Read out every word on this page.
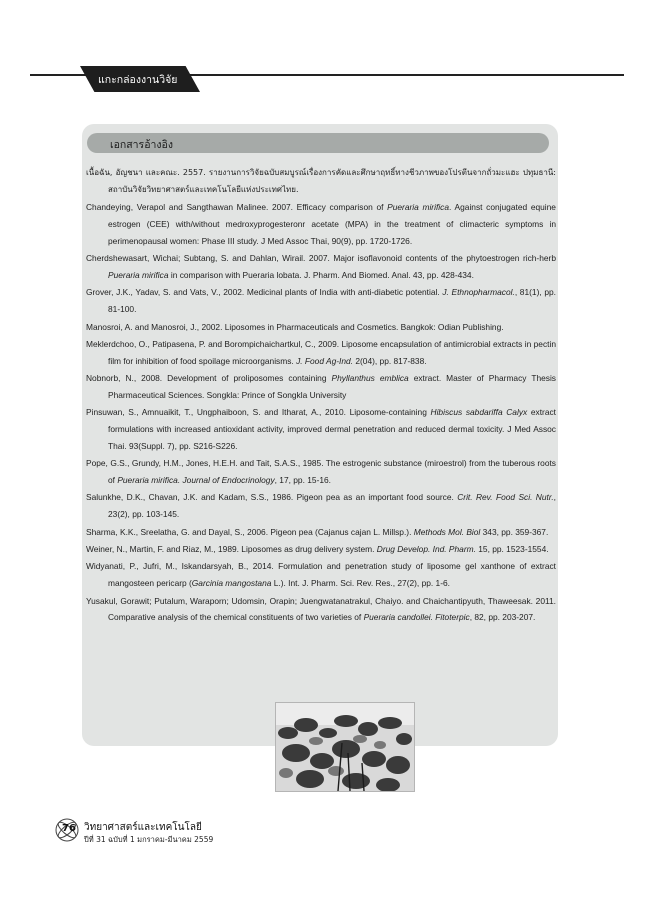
แกะกล่องงานวิจัย
เอกสารอ้างอิง
เนื้อฉัน, อัญชนา และคณะ. 2557. รายงานการวิจัยฉบับสมบูรณ์เรื่องการคัดและศึกษาฤทธิ์ทางชีวภาพของโปรตีนจากถั่วมะแฮะ ปทุมธานี: สถาบันวิจัยวิทยาศาสตร์และเทคโนโลยีแห่งประเทศไทย.
Chandeying, Verapol and Sangthawan Malinee. 2007. Efficacy comparison of Pueraria mirifica. Against conjugated equine estrogen (CEE) with/without medroxyprogesteronr acetate (MPA) in the treatment of climacteric symptoms in perimenopausal women: Phase III study. J Med Assoc Thai, 90(9), pp. 1720-1726.
Cherdshewasart, Wichai; Subtang, S. and Dahlan, Wirail. 2007. Major isoflavonoid contents of the phytoestrogen rich-herb Pueraria mirifica in comparison with Pueraria lobata. J. Pharm. And Biomed. Anal. 43, pp. 428-434.
Grover, J.K., Yadav, S. and Vats, V., 2002. Medicinal plants of India with anti-diabetic potential. J. Ethnopharmacol., 81(1), pp. 81-100.
Manosroi, A. and Manosroi, J., 2002. Liposomes in Pharmaceuticals and Cosmetics. Bangkok: Odian Publishing.
Meklerdchoo, O., Patipasena, P. and Borompichaichartkul, C., 2009. Liposome encapsulation of antimicrobial extracts in pectin film for inhibition of food spoilage microorganisms. J. Food Ag-Ind. 2(04), pp. 817-838.
Nobnorb, N., 2008. Development of proliposomes containing Phyllanthus emblica extract. Master of Pharmacy Thesis Pharmaceutical Sciences. Songkla: Prince of Songkla University
Pinsuwan, S., Amnuaikit, T., Ungphaiboon, S. and Itharat, A., 2010. Liposome-containing Hibiscus sabdariffa Calyx extract formulations with increased antioxidant activity, improved dermal penetration and reduced dermal toxicity. J Med Assoc Thai. 93(Suppl. 7), pp. S216-S226.
Pope, G.S., Grundy, H.M., Jones, H.E.H. and Tait, S.A.S., 1985. The estrogenic substance (miroestrol) from the tuberous roots of Pueraria mirifica. Journal of Endocrinology, 17, pp. 15-16.
Salunkhe, D.K., Chavan, J.K. and Kadam, S.S., 1986. Pigeon pea as an important food source. Crit. Rev. Food Sci. Nutr., 23(2), pp. 103-145.
Sharma, K.K., Sreelatha, G. and Dayal, S., 2006. Pigeon pea (Cajanus cajan L. Millsp.). Methods Mol. Biol 343, pp. 359-367.
Weiner, N., Martin, F. and Riaz, M., 1989. Liposomes as drug delivery system. Drug Develop. Ind. Pharm. 15, pp. 1523-1554.
Widyanati, P., Jufri, M., Iskandarsyah, B., 2014. Formulation and penetration study of liposome gel xanthone of extract mangosteen pericarp (Garcinia mangostana L.). Int. J. Pharm. Sci. Rev. Res., 27(2), pp. 1-6.
Yusakul, Gorawit; Putalum, Waraporn; Udomsin, Orapin; Juengwatanatrakul, Chaiyo. and Chaichantipyuth, Thaweesak. 2011. Comparative analysis of the chemical constituents of two varieties of Pueraria candollei. Fitoterpic, 82, pp. 203-207.
76 วิทยาศาสตร์และเทคโนโลยี
ปีที่ 31 ฉบับที่ 1 มกราคม-มีนาคม 2559
